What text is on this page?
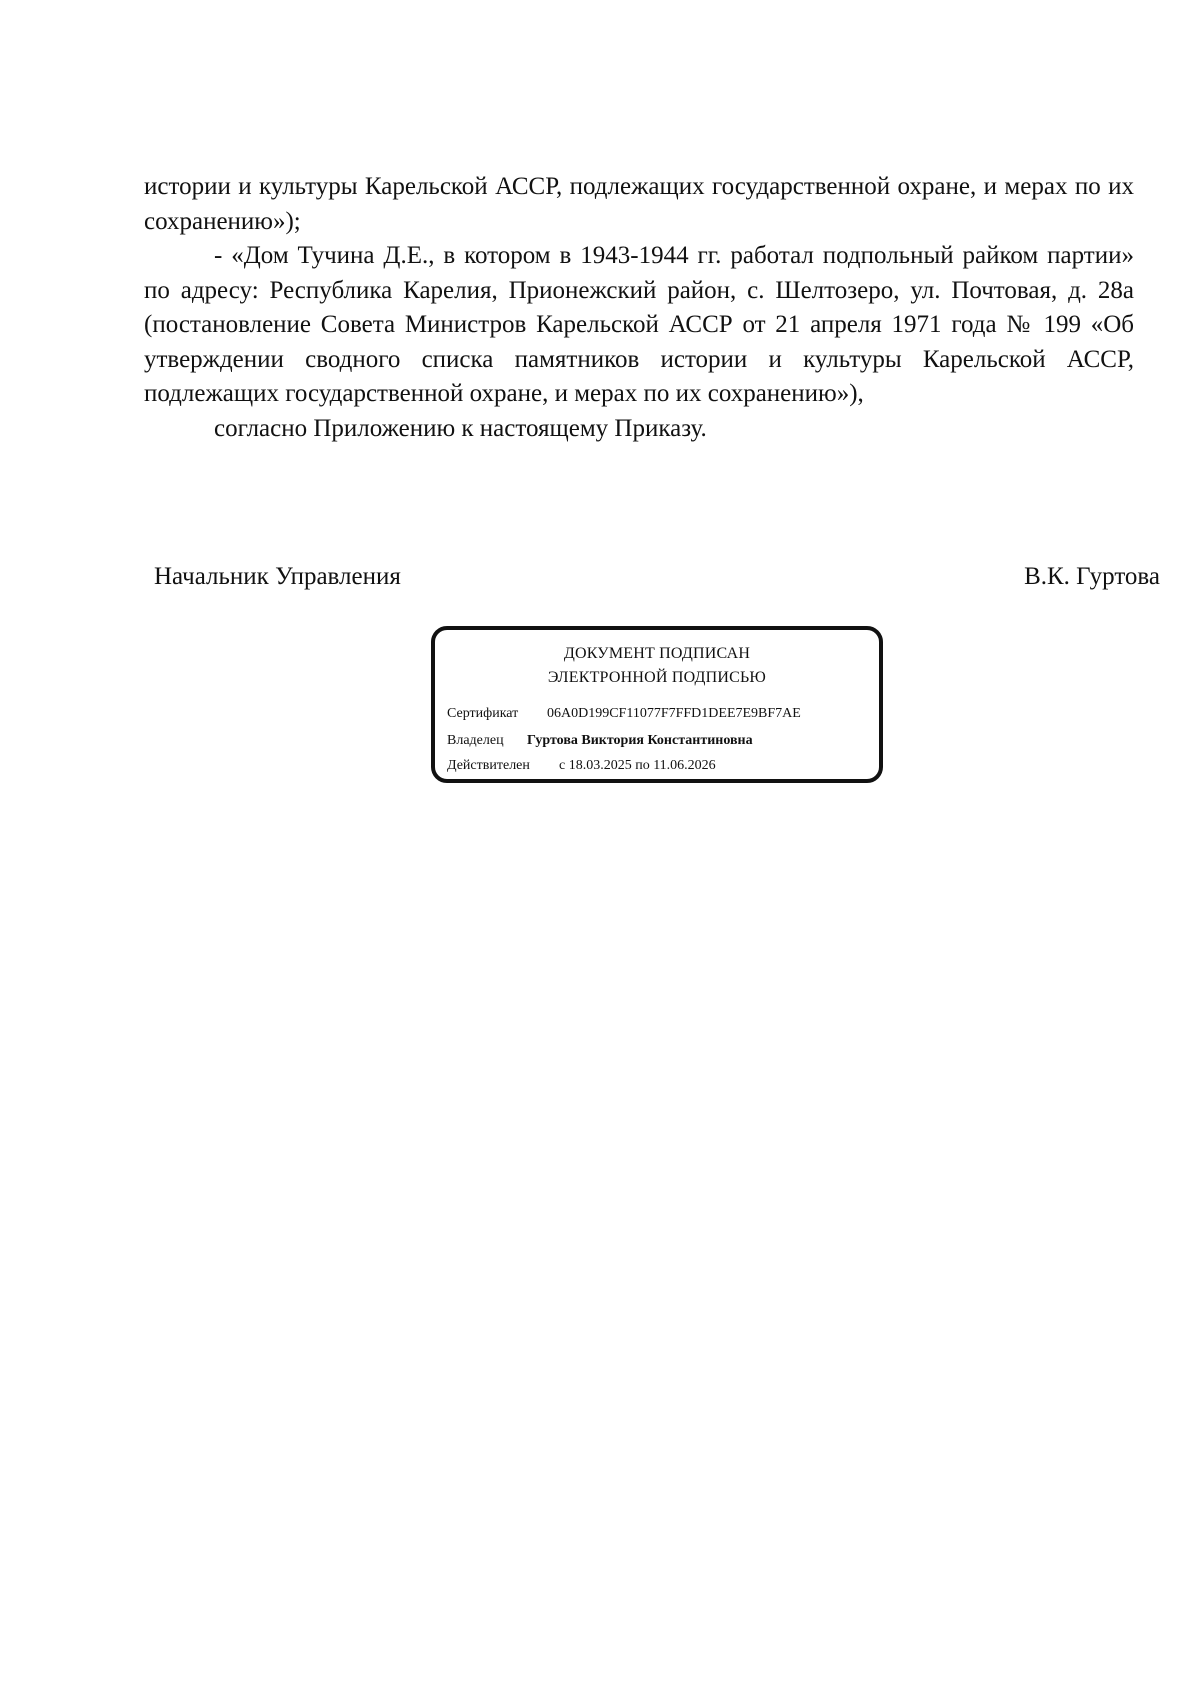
истории и культуры Карельской АССР, подлежащих государственной охране, и мерах по их сохранению»);

- «Дом Тучина Д.Е., в котором в 1943-1944 гг. работал подпольный райком партии» по адресу: Республика Карелия, Прионежский район, с. Шелтозеро, ул. Почтовая, д. 28а (постановление Совета Министров Карельской АССР от 21 апреля 1971 года № 199 «Об утверждении сводного списка памятников истории и культуры Карельской АССР, подлежащих государственной охране, и мерах по их сохранению»),

согласно Приложению к настоящему Приказу.

Начальник Управления	В.К. Гуртова
ДОКУМЕНТ ПОДПИСАН
ЭЛЕКТРОННОЙ ПОДПИСЬЮ
Сертификат 06A0D199CF11077F7FFD1DEE7E9BF7AE
Владелец Гуртова Виктория Константиновна
Действителен с 18.03.2025 по 11.06.2026
